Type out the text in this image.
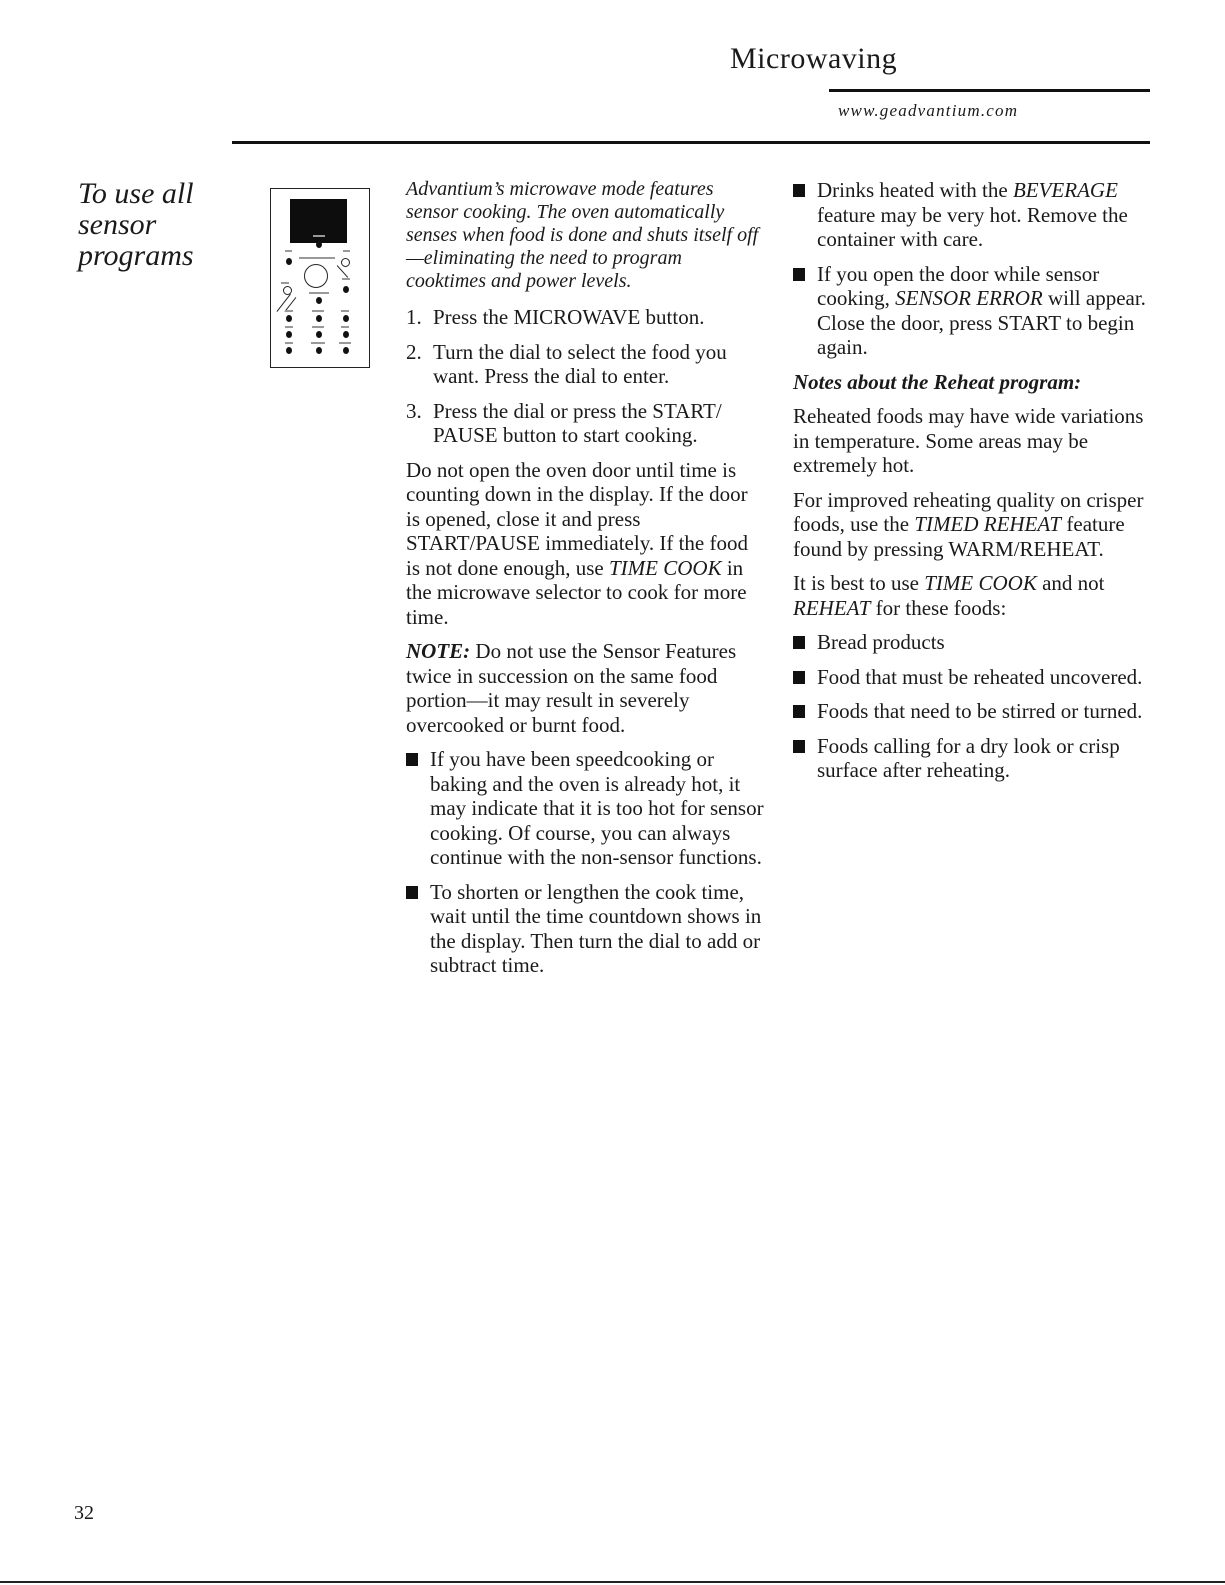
Microwaving
www.geadvantium.com
To use all sensor programs

Advantium’s microwave mode features sensor cooking. The oven automatically senses when food is done and shuts itself off—eliminating the need to program cooktimes and power levels.

1. Press the MICROWAVE button.
2. Turn the dial to select the food you want. Press the dial to enter.
3. Press the dial or press the START/ PAUSE button to start cooking.

Do not open the oven door until time is counting down in the display. If the door is opened, close it and press START/PAUSE immediately. If the food is not done enough, use TIME COOK in the microwave selector to cook for more time.

NOTE: Do not use the Sensor Features twice in succession on the same food portion—it may result in severely overcooked or burnt food.

If you have been speedcooking or baking and the oven is already hot, it may indicate that it is too hot for sensor cooking. Of course, you can always continue with the non-sensor functions.
To shorten or lengthen the cook time, wait until the time countdown shows in the display. Then turn the dial to add or subtract time.
Drinks heated with the BEVERAGE feature may be very hot. Remove the container with care.
If you open the door while sensor cooking, SENSOR ERROR will appear. Close the door, press START to begin again.

Notes about the Reheat program:

Reheated foods may have wide variations in temperature. Some areas may be extremely hot.

For improved reheating quality on crisper foods, use the TIMED REHEAT feature found by pressing WARM/REHEAT.

It is best to use TIME COOK and not REHEAT for these foods:

Bread products
Food that must be reheated uncovered.
Foods that need to be stirred or turned.
Foods calling for a dry look or crisp surface after reheating.
32
